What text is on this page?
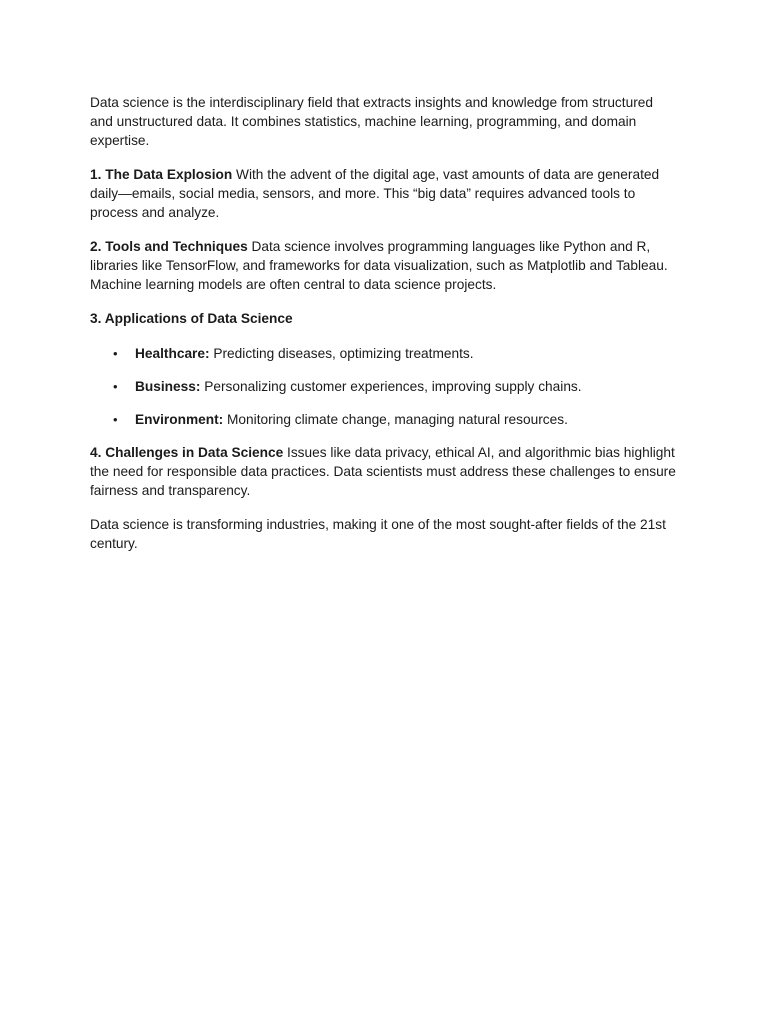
Data science is the interdisciplinary field that extracts insights and knowledge from structured and unstructured data. It combines statistics, machine learning, programming, and domain expertise.

1. The Data Explosion With the advent of the digital age, vast amounts of data are generated daily—emails, social media, sensors, and more. This “big data” requires advanced tools to process and analyze.

2. Tools and Techniques Data science involves programming languages like Python and R, libraries like TensorFlow, and frameworks for data visualization, such as Matplotlib and Tableau. Machine learning models are often central to data science projects.

3. Applications of Data Science

•	Healthcare: Predicting diseases, optimizing treatments.
•	Business: Personalizing customer experiences, improving supply chains.
•	Environment: Monitoring climate change, managing natural resources.

4. Challenges in Data Science Issues like data privacy, ethical AI, and algorithmic bias highlight the need for responsible data practices. Data scientists must address these challenges to ensure fairness and transparency.

Data science is transforming industries, making it one of the most sought-after fields of the 21st century.
